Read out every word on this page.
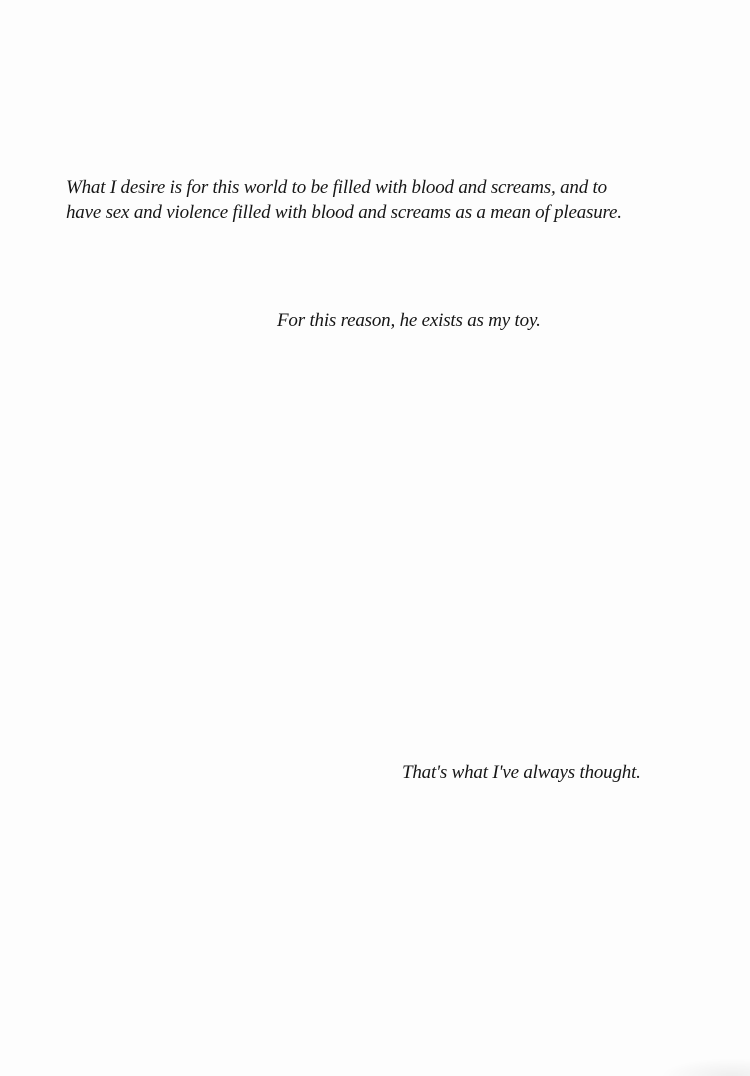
What I desire is for this world to be filled with blood and screams, and to
have sex and violence filled with blood and screams as a mean of pleasure.
For this reason, he exists as my toy.
That's what I've always thought.
